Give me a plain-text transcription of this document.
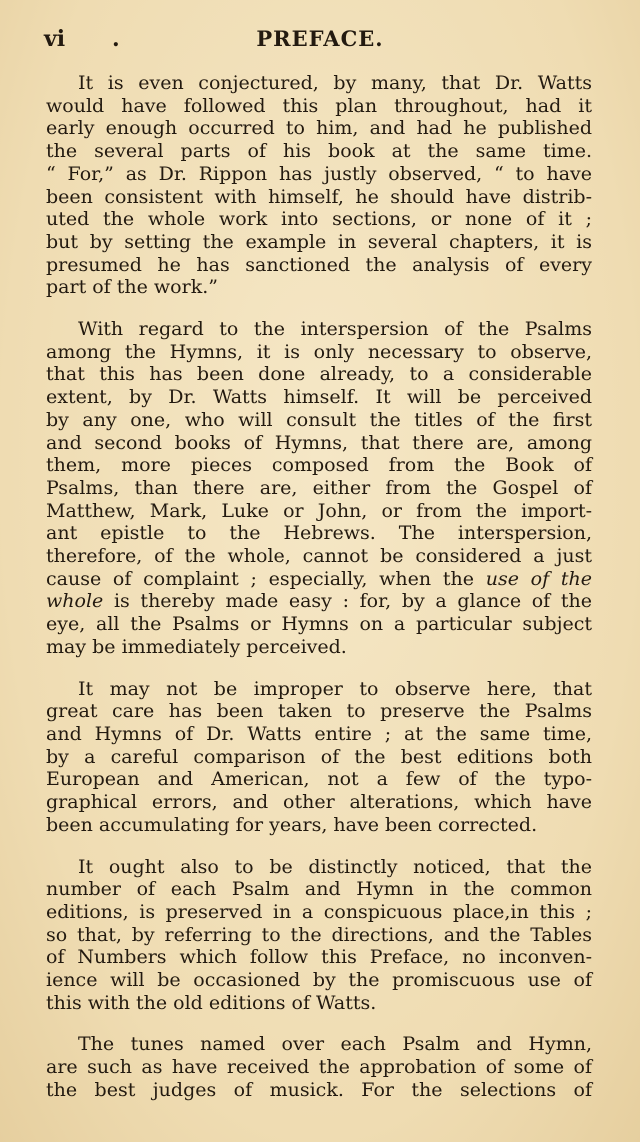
vi .	PREFACE.

It is even conjectured, by many, that Dr. Watts
would have followed this plan throughout, had it
early enough occurred to him, and had he published
the several parts of his book at the same time.
“ For,” as Dr. Rippon has justly observed, “ to have
been consistent with himself, he should have distrib-
uted the whole work into sections, or none of it ;
but by setting the example in several chapters, it is
presumed he has sanctioned the analysis of every
part of the work.”

With regard to the interspersion of the Psalms
among the Hymns, it is only necessary to observe,
that this has been done already, to a considerable
extent, by Dr. Watts himself. It will be perceived
by any one, who will consult the titles of the first
and second books of Hymns, that there are, among
them, more pieces composed from the Book of
Psalms, than there are, either from the Gospel of
Matthew, Mark, Luke or John, or from the import-
ant epistle to the Hebrews. The interspersion,
therefore, of the whole, cannot be considered a just
cause of complaint ; especially, when the use of the
whole is thereby made easy : for, by a glance of the
eye, all the Psalms or Hymns on a particular subject
may be immediately perceived.

It may not be improper to observe here, that
great care has been taken to preserve the Psalms
and Hymns of Dr. Watts entire ; at the same time,
by a careful comparison of the best editions both
European and American, not a few of the typo-
graphical errors, and other alterations, which have
been accumulating for years, have been corrected.

It ought also to be distinctly noticed, that the
number of each Psalm and Hymn in the common
editions, is preserved in a conspicuous place,in this ;
so that, by referring to the directions, and the Tables
of Numbers which follow this Preface, no inconven-
ience will be occasioned by the promiscuous use of
this with the old editions of Watts.

The tunes named over each Psalm and Hymn,
are such as have received the approbation of some of
the best judges of musick. For the selections of
